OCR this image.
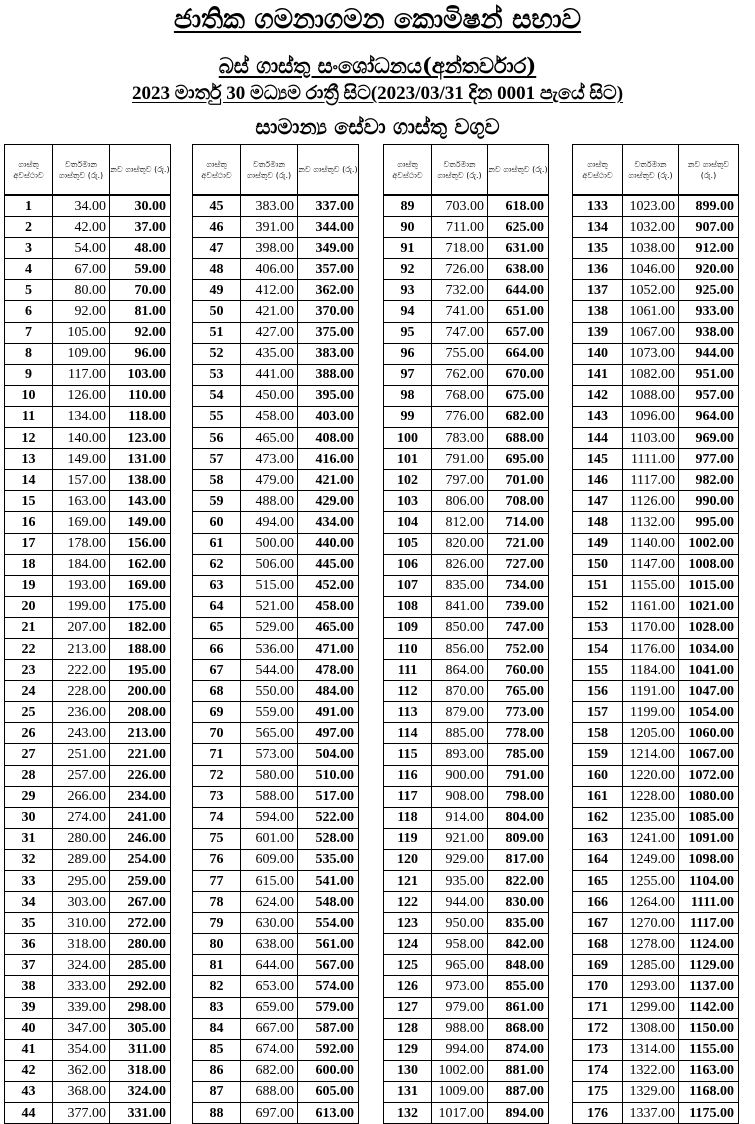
ජාතික ගමනාගමන කොමිෂන් සභාව
බස් ගාස්තු සංශෝධනය(අන්තර්වාර)
2023 මාර්තු 30 මධ්‍යම රාත්‍රී සිට(2023/03/31 දින 0001 පැයේ සිට)
සාමාන්‍ය සේවා ගාස්තු වගුව
ගාස්තු අවස්ථාව	වර්තමාන ගාස්තුව (රු.)	නව ගාස්තුව (රු.)
1	34.00	30.00
2	42.00	37.00
3	54.00	48.00
4	67.00	59.00
5	80.00	70.00
6	92.00	81.00
7	105.00	92.00
8	109.00	96.00
9	117.00	103.00
10	126.00	110.00
11	134.00	118.00
12	140.00	123.00
13	149.00	131.00
14	157.00	138.00
15	163.00	143.00
16	169.00	149.00
17	178.00	156.00
18	184.00	162.00
19	193.00	169.00
20	199.00	175.00
21	207.00	182.00
22	213.00	188.00
23	222.00	195.00
24	228.00	200.00
25	236.00	208.00
26	243.00	213.00
27	251.00	221.00
28	257.00	226.00
29	266.00	234.00
30	274.00	241.00
31	280.00	246.00
32	289.00	254.00
33	295.00	259.00
34	303.00	267.00
35	310.00	272.00
36	318.00	280.00
37	324.00	285.00
38	333.00	292.00
39	339.00	298.00
40	347.00	305.00
41	354.00	311.00
42	362.00	318.00
43	368.00	324.00
44	377.00	331.00
ගාස්තු අවස්ථාව	වර්තමාන ගාස්තුව (රු.)	නව ගාස්තුව (රු.)
45	383.00	337.00
46	391.00	344.00
47	398.00	349.00
48	406.00	357.00
49	412.00	362.00
50	421.00	370.00
51	427.00	375.00
52	435.00	383.00
53	441.00	388.00
54	450.00	395.00
55	458.00	403.00
56	465.00	408.00
57	473.00	416.00
58	479.00	421.00
59	488.00	429.00
60	494.00	434.00
61	500.00	440.00
62	506.00	445.00
63	515.00	452.00
64	521.00	458.00
65	529.00	465.00
66	536.00	471.00
67	544.00	478.00
68	550.00	484.00
69	559.00	491.00
70	565.00	497.00
71	573.00	504.00
72	580.00	510.00
73	588.00	517.00
74	594.00	522.00
75	601.00	528.00
76	609.00	535.00
77	615.00	541.00
78	624.00	548.00
79	630.00	554.00
80	638.00	561.00
81	644.00	567.00
82	653.00	574.00
83	659.00	579.00
84	667.00	587.00
85	674.00	592.00
86	682.00	600.00
87	688.00	605.00
88	697.00	613.00
ගාස්තු අවස්ථාව	වර්තමාන ගාස්තුව (රු.)	නව ගාස්තුව (රු.)
89	703.00	618.00
90	711.00	625.00
91	718.00	631.00
92	726.00	638.00
93	732.00	644.00
94	741.00	651.00
95	747.00	657.00
96	755.00	664.00
97	762.00	670.00
98	768.00	675.00
99	776.00	682.00
100	783.00	688.00
101	791.00	695.00
102	797.00	701.00
103	806.00	708.00
104	812.00	714.00
105	820.00	721.00
106	826.00	727.00
107	835.00	734.00
108	841.00	739.00
109	850.00	747.00
110	856.00	752.00
111	864.00	760.00
112	870.00	765.00
113	879.00	773.00
114	885.00	778.00
115	893.00	785.00
116	900.00	791.00
117	908.00	798.00
118	914.00	804.00
119	921.00	809.00
120	929.00	817.00
121	935.00	822.00
122	944.00	830.00
123	950.00	835.00
124	958.00	842.00
125	965.00	848.00
126	973.00	855.00
127	979.00	861.00
128	988.00	868.00
129	994.00	874.00
130	1002.00	881.00
131	1009.00	887.00
132	1017.00	894.00
ගාස්තු අවස්ථාව	වර්තමාන ගාස්තුව (රු.)	නව ගාස්තුව (රු.)
133	1023.00	899.00
134	1032.00	907.00
135	1038.00	912.00
136	1046.00	920.00
137	1052.00	925.00
138	1061.00	933.00
139	1067.00	938.00
140	1073.00	944.00
141	1082.00	951.00
142	1088.00	957.00
143	1096.00	964.00
144	1103.00	969.00
145	1111.00	977.00
146	1117.00	982.00
147	1126.00	990.00
148	1132.00	995.00
149	1140.00	1002.00
150	1147.00	1008.00
151	1155.00	1015.00
152	1161.00	1021.00
153	1170.00	1028.00
154	1176.00	1034.00
155	1184.00	1041.00
156	1191.00	1047.00
157	1199.00	1054.00
158	1205.00	1060.00
159	1214.00	1067.00
160	1220.00	1072.00
161	1228.00	1080.00
162	1235.00	1085.00
163	1241.00	1091.00
164	1249.00	1098.00
165	1255.00	1104.00
166	1264.00	1111.00
167	1270.00	1117.00
168	1278.00	1124.00
169	1285.00	1129.00
170	1293.00	1137.00
171	1299.00	1142.00
172	1308.00	1150.00
173	1314.00	1155.00
174	1322.00	1163.00
175	1329.00	1168.00
176	1337.00	1175.00
